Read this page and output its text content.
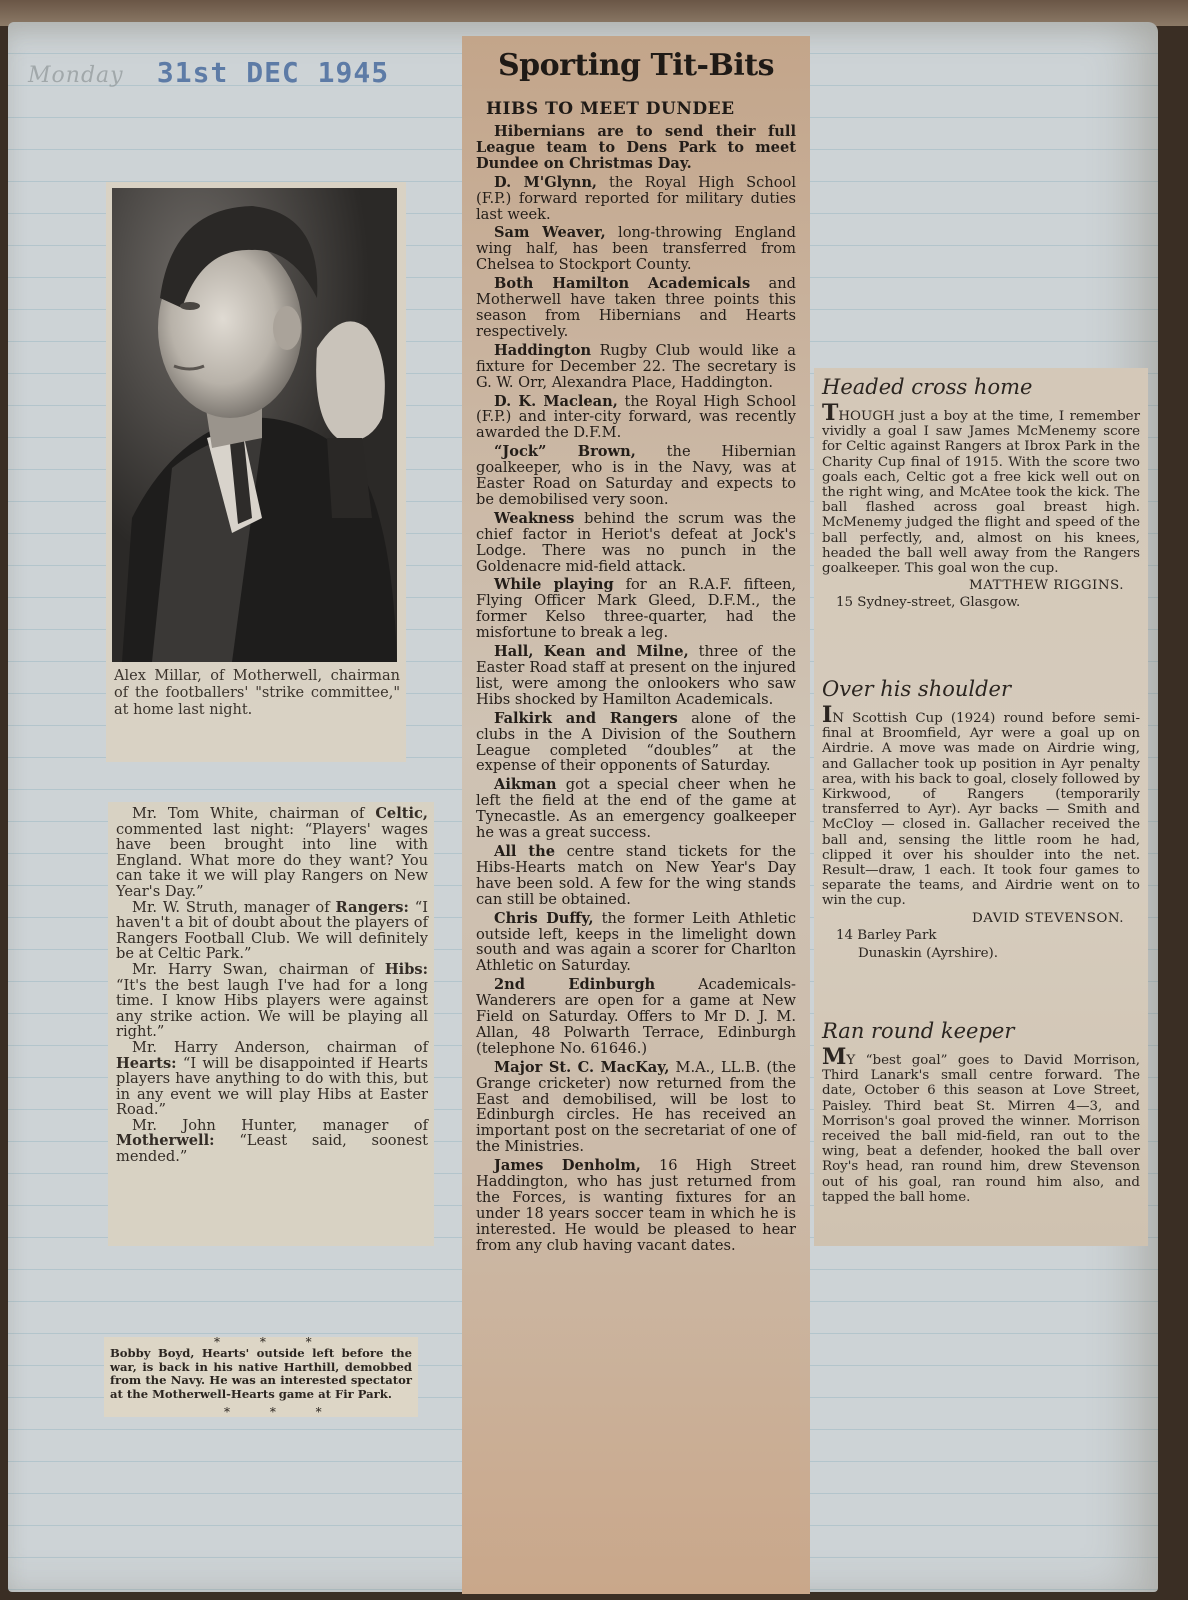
Monday 31st DEC 1945
Alex Millar, of Motherwell, chairman of the footballers' "strike committee," at home last night.

Mr. Tom White, chairman of Celtic, commented last night: “Players' wages have been brought into line with England. What more do they want? You can take it we will play Rangers on New Year's Day.”

Mr. W. Struth, manager of Rangers: “I haven't a bit of doubt about the players of Rangers Football Club. We will definitely be at Celtic Park.”

Mr. Harry Swan, chairman of Hibs: “It's the best laugh I've had for a long time. I know Hibs players were against any strike action. We will be playing all right.”

Mr. Harry Anderson, chairman of Hearts: “I will be disappointed if Hearts players have anything to do with this, but in any event we will play Hibs at Easter Road.”

Mr. John Hunter, manager of Motherwell: “Least said, soonest mended.”

* * *
Bobby Boyd, Hearts' outside left before the war, is back in his native Harthill, demobbed from the Navy. He was an interested spectator at the Motherwell-Hearts game at Fir Park.
* * *
Sporting Tit-Bits
HIBS TO MEET DUNDEE

Hibernians are to send their full League team to Dens Park to meet Dundee on Christmas Day.

D. M'Glynn, the Royal High School (F.P.) forward reported for military duties last week.

Sam Weaver, long-throwing England wing half, has been transferred from Chelsea to Stockport County.

Both Hamilton Academicals and Motherwell have taken three points this season from Hibernians and Hearts respectively.

Haddington Rugby Club would like a fixture for December 22. The secretary is G. W. Orr, Alexandra Place, Haddington.

D. K. Maclean, the Royal High School (F.P.) and inter-city forward, was recently awarded the D.F.M.

“Jock” Brown, the Hibernian goalkeeper, who is in the Navy, was at Easter Road on Saturday and expects to be demobilised very soon.

Weakness behind the scrum was the chief factor in Heriot's defeat at Jock's Lodge. There was no punch in the Goldenacre mid-field attack.

While playing for an R.A.F. fifteen, Flying Officer Mark Gleed, D.F.M., the former Kelso three-quarter, had the misfortune to break a leg.

Hall, Kean and Milne, three of the Easter Road staff at present on the injured list, were among the onlookers who saw Hibs shocked by Hamilton Academicals.

Falkirk and Rangers alone of the clubs in the A Division of the Southern League completed “doubles” at the expense of their opponents of Saturday.

Aikman got a special cheer when he left the field at the end of the game at Tynecastle. As an emergency goalkeeper he was a great success.

All the centre stand tickets for the Hibs-Hearts match on New Year's Day have been sold. A few for the wing stands can still be obtained.

Chris Duffy, the former Leith Athletic outside left, keeps in the limelight down south and was again a scorer for Charlton Athletic on Saturday.

2nd Edinburgh Academicals-Wanderers are open for a game at New Field on Saturday. Offers to Mr D. J. M. Allan, 48 Polwarth Terrace, Edinburgh (telephone No. 61646.)

Major St. C. MacKay, M.A., LL.B. (the Grange cricketer) now returned from the East and demobilised, will be lost to Edinburgh circles. He has received an important post on the secretariat of one of the Ministries.

James Denholm, 16 High Street Haddington, who has just returned from the Forces, is wanting fixtures for an under 18 years soccer team in which he is interested. He would be pleased to hear from any club having vacant dates.

Headed cross home
THOUGH just a boy at the time, I remember vividly a goal I saw James McMenemy score for Celtic against Rangers at Ibrox Park in the Charity Cup final of 1915. With the score two goals each, Celtic got a free kick well out on the right wing, and McAtee took the kick. The ball flashed across goal breast high. McMenemy judged the flight and speed of the ball perfectly, and, almost on his knees, headed the ball well away from the Rangers goalkeeper. This goal won the cup.
MATTHEW RIGGINS.
15 Sydney-street, Glasgow.
Over his shoulder
IN Scottish Cup (1924) round before semi-final at Broomfield, Ayr were a goal up on Airdrie. A move was made on Airdrie wing, and Gallacher took up position in Ayr penalty area, with his back to goal, closely followed by Kirkwood, of Rangers (temporarily transferred to Ayr). Ayr backs — Smith and McCloy — closed in. Gallacher received the ball and, sensing the little room he had, clipped it over his shoulder into the net. Result—draw, 1 each. It took four games to separate the teams, and Airdrie went on to win the cup.
DAVID STEVENSON.
14 Barley Park
Dunaskin (Ayrshire).
Ran round keeper
MY “best goal” goes to David Morrison, Third Lanark's small centre forward. The date, October 6 this season at Love Street, Paisley. Third beat St. Mirren 4—3, and Morrison's goal proved the winner. Morrison received the ball mid-field, ran out to the wing, beat a defender, hooked the ball over Roy's head, ran round him, drew Stevenson out of his goal, ran round him also, and tapped the ball home.
